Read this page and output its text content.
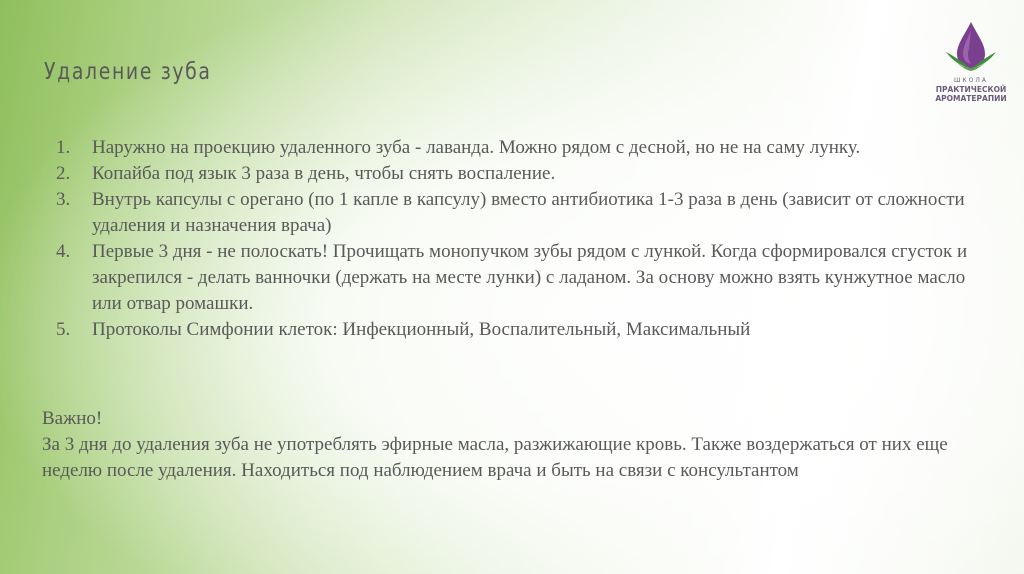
Удаление зуба	ШКОЛА
ПРАКТИЧЕСКОЙ
АРОМАТЕРАПИИ
1. Наружно на проекцию удаленного зуба - лаванда. Можно рядом с десной, но не на саму лунку.
2. Копайба под язык 3 раза в день, чтобы снять воспаление.
3. Внутрь капсулы с орегано (по 1 капле в капсулу) вместо антибиотика 1-3 раза в день (зависит от сложности удаления и назначения врача)
4. Первые 3 дня - не полоскать! Прочищать монопучком зубы рядом с лункой. Когда сформировался сгусток и закрепился - делать ванночки (держать на месте лунки) с ладаном. За основу можно взять кунжутное масло или отвар ромашки.
5. Протоколы Симфонии клеток: Инфекционный, Воспалительный, Максимальный

Важно!

За 3 дня до удаления зуба не употреблять эфирные масла, разжижающие кровь. Также воздержаться от них еще неделю после удаления. Находиться под наблюдением врача и быть на связи с консультантом
